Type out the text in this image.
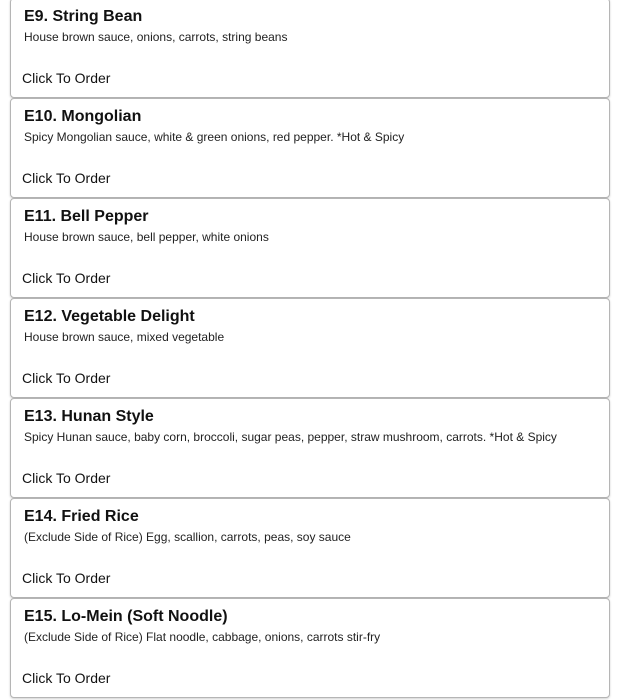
E9. String Bean
House brown sauce, onions, carrots, string beans
Click To Order
E10. Mongolian
Spicy Mongolian sauce, white & green onions, red pepper. *Hot & Spicy
Click To Order
E11. Bell Pepper
House brown sauce, bell pepper, white onions
Click To Order
E12. Vegetable Delight
House brown sauce, mixed vegetable
Click To Order
E13. Hunan Style
Spicy Hunan sauce, baby corn, broccoli, sugar peas, pepper, straw mushroom, carrots. *Hot & Spicy
Click To Order
E14. Fried Rice
(Exclude Side of Rice) Egg, scallion, carrots, peas, soy sauce
Click To Order
E15. Lo-Mein (Soft Noodle)
(Exclude Side of Rice) Flat noodle, cabbage, onions, carrots stir-fry
Click To Order
